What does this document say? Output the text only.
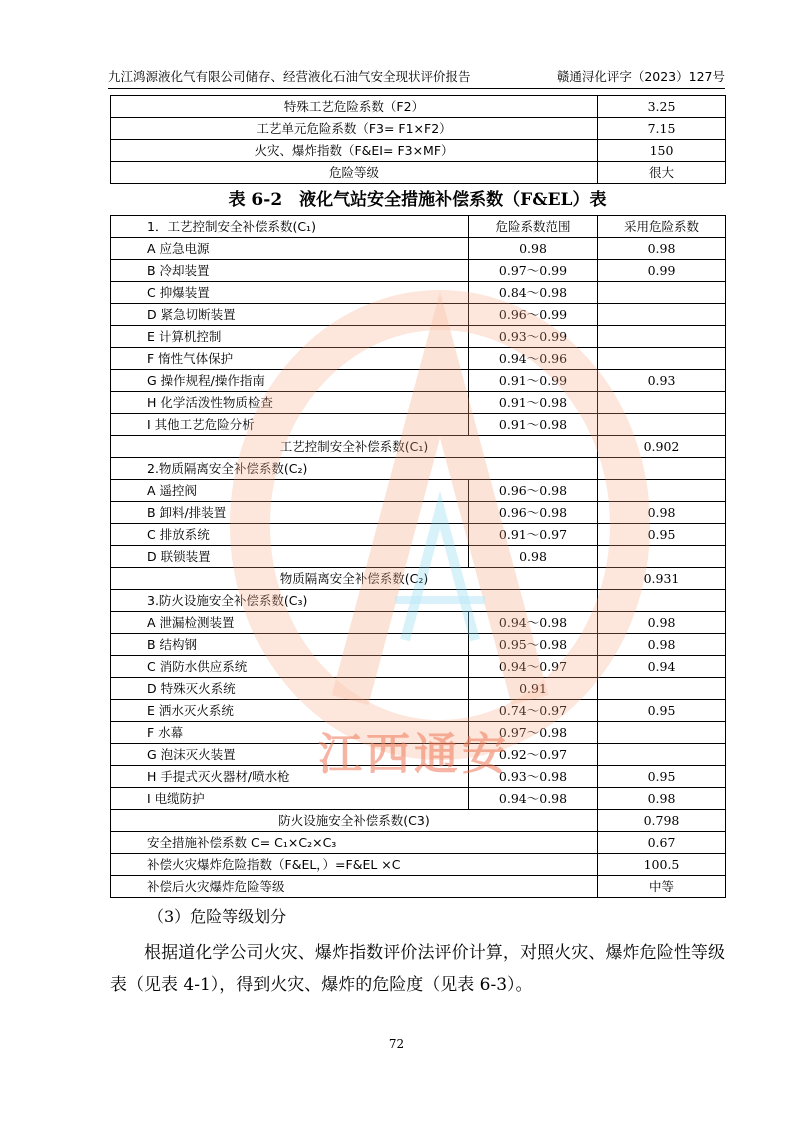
九江鸿源液化气有限公司储存、经营液化石油气安全现状评价报告	赣通浔化评字（2023）127号
特殊工艺危险系数（F2）	3.25
工艺单元危险系数（F3= F1×F2）	7.15
火灾、爆炸指数（F&EI= F3×MF）	150
危险等级	很大
表 6-2　液化气站安全措施补偿系数（F&EL）表
1．工艺控制安全补偿系数(C₁)	危险系数范围	采用危险系数
A 应急电源	0.98	0.98
B 冷却装置	0.97～0.99	0.99
C 抑爆装置	0.84～0.98	
D 紧急切断装置	0.96～0.99	
E 计算机控制	0.93～0.99	
F 惰性气体保护	0.94～0.96	
G 操作规程/操作指南	0.91～0.99	0.93
H 化学活泼性物质检查	0.91～0.98	
I 其他工艺危险分析	0.91～0.98	
工艺控制安全补偿系数(C₁)		0.902
2.物质隔离安全补偿系数(C₂)		
A 遥控阀	0.96～0.98	
B 卸料/排装置	0.96～0.98	0.98
C 排放系统	0.91～0.97	0.95
D 联锁装置	0.98	
物质隔离安全补偿系数(C₂)		0.931
3.防火设施安全补偿系数(C₃)		
A 泄漏检测装置	0.94～0.98	0.98
B 结构钢	0.95～0.98	0.98
C 消防水供应系统	0.94～0.97	0.94
D 特殊灭火系统	0.91	
E 洒水灭火系统	0.74～0.97	0.95
F 水幕	0.97～0.98	
G 泡沫灭火装置	0.92～0.97	
H 手提式灭火器材/喷水枪	0.93～0.98	0.95
I 电缆防护	0.94～0.98	0.98
防火设施安全补偿系数(C3)		0.798
安全措施补偿系数 C= C₁×C₂×C₃		0.67
补偿火灾爆炸危险指数（F&EL，）=F&EL ×C		100.5
补偿后火灾爆炸危险等级		中等
江西通安
（3）危险等级划分
根据道化学公司火灾、爆炸指数评价法评价计算，对照火灾、爆炸危险性等级表（见表 4-1），得到火灾、爆炸的危险度（见表 6-3）。
72
